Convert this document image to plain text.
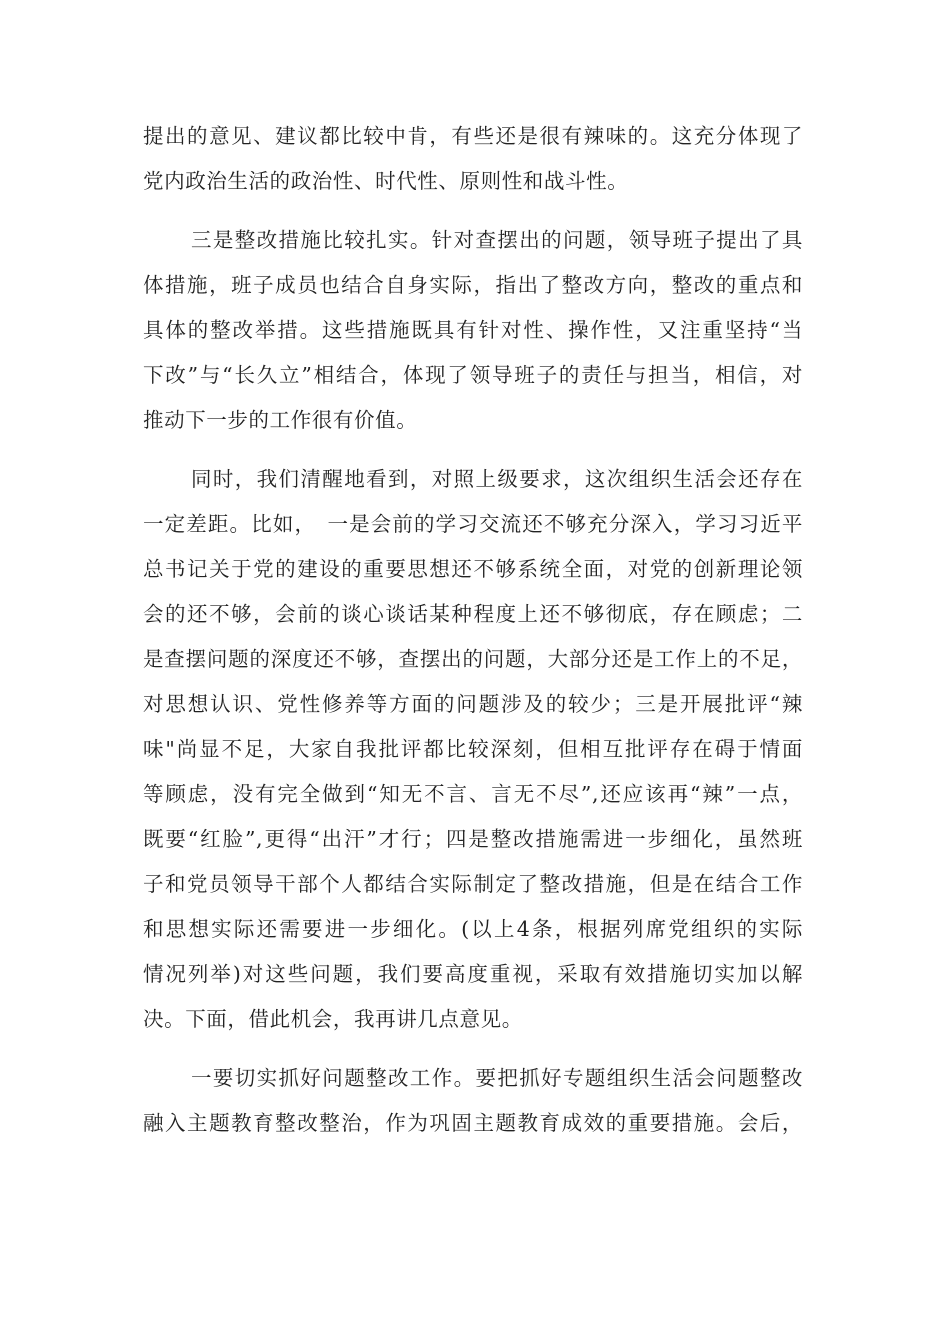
提出的意见、建议都比较中肯，有些还是很有辣味的。这充分体现了
党内政治生活的政治性、时代性、原则性和战斗性。

三是整改措施比较扎实。针对查摆出的问题，领导班子提出了具
体措施，班子成员也结合自身实际，指出了整改方向，整改的重点和
具体的整改举措。这些措施既具有针对性、操作性，又注重坚持“当
下改”与“长久立”相结合，体现了领导班子的责任与担当，相信，对
推动下一步的工作很有价值。

同时，我们清醒地看到，对照上级要求，这次组织生活会还存在
一定差距。比如，　一是会前的学习交流还不够充分深入，学习习近平
总书记关于党的建设的重要思想还不够系统全面，对党的创新理论领
会的还不够，会前的谈心谈话某种程度上还不够彻底，存在顾虑；二
是查摆问题的深度还不够，查摆出的问题，大部分还是工作上的不足，
对思想认识、党性修养等方面的问题涉及的较少；三是开展批评“辣
味"尚显不足，大家自我批评都比较深刻，但相互批评存在碍于情面
等顾虑，没有完全做到“知无不言、言无不尽”,还应该再“辣”一点，
既要“红脸”,更得“出汗”才行；四是整改措施需进一步细化，虽然班
子和党员领导干部个人都结合实际制定了整改措施，但是在结合工作
和思想实际还需要进一步细化。(以上4条，根据列席党组织的实际
情况列举)对这些问题，我们要高度重视，采取有效措施切实加以解
决。下面，借此机会，我再讲几点意见。

一要切实抓好问题整改工作。要把抓好专题组织生活会问题整改
融入主题教育整改整治，作为巩固主题教育成效的重要措施。会后，
